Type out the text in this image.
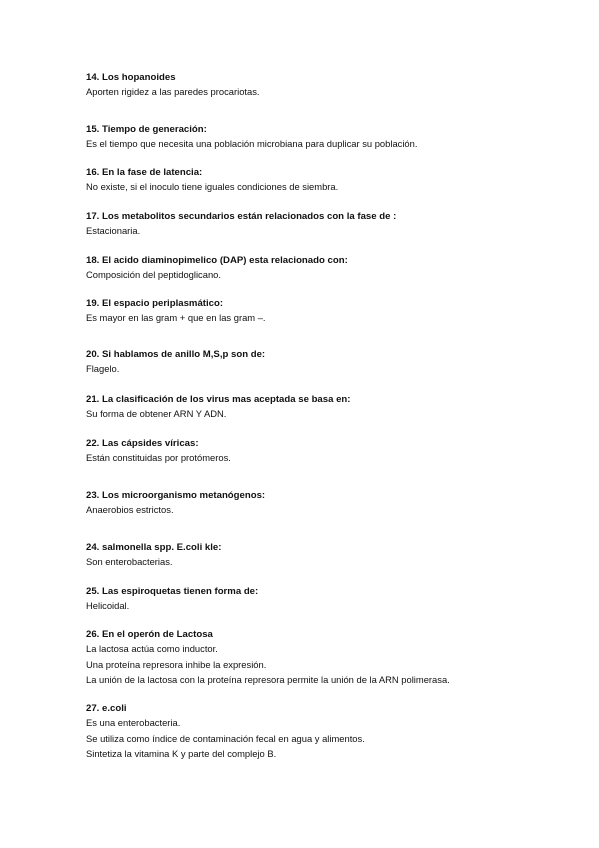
14. Los hopanoides
Aporten rigidez a las paredes procariotas.
15. Tiempo de generación:
Es el tiempo que necesita una población microbiana para duplicar su población.
16. En la fase de latencia:
No existe, si el inoculo tiene iguales condiciones de siembra.
17. Los metabolitos secundarios están relacionados con la fase de :
Estacionaria.
18. El acido diaminopimelico (DAP) esta relacionado con:
Composición del peptidoglicano.
19. El espacio periplasmático:
Es mayor en las gram + que en las gram –.
20. Si hablamos de anillo M,S,p son de:
Flagelo.
21. La clasificación de los virus mas aceptada se basa en:
Su forma de obtener ARN Y ADN.
22. Las cápsides víricas:
Están constituidas por protómeros.
23. Los microorganismo metanógenos:
Anaerobios estrictos.
24. salmonella spp. E.coli kle:
Son enterobacterias.
25. Las espiroquetas tienen forma de:
Helicoidal.
26. En el operón de Lactosa
La lactosa actúa como inductor.
Una proteína represora inhibe la expresión.
La unión de la lactosa con la proteína represora permite la unión de la ARN polimerasa.
27. e.coli
Es una enterobacteria.
Se utiliza como índice de contaminación fecal en agua y alimentos.
Sintetiza la vitamina K y parte del complejo B.
